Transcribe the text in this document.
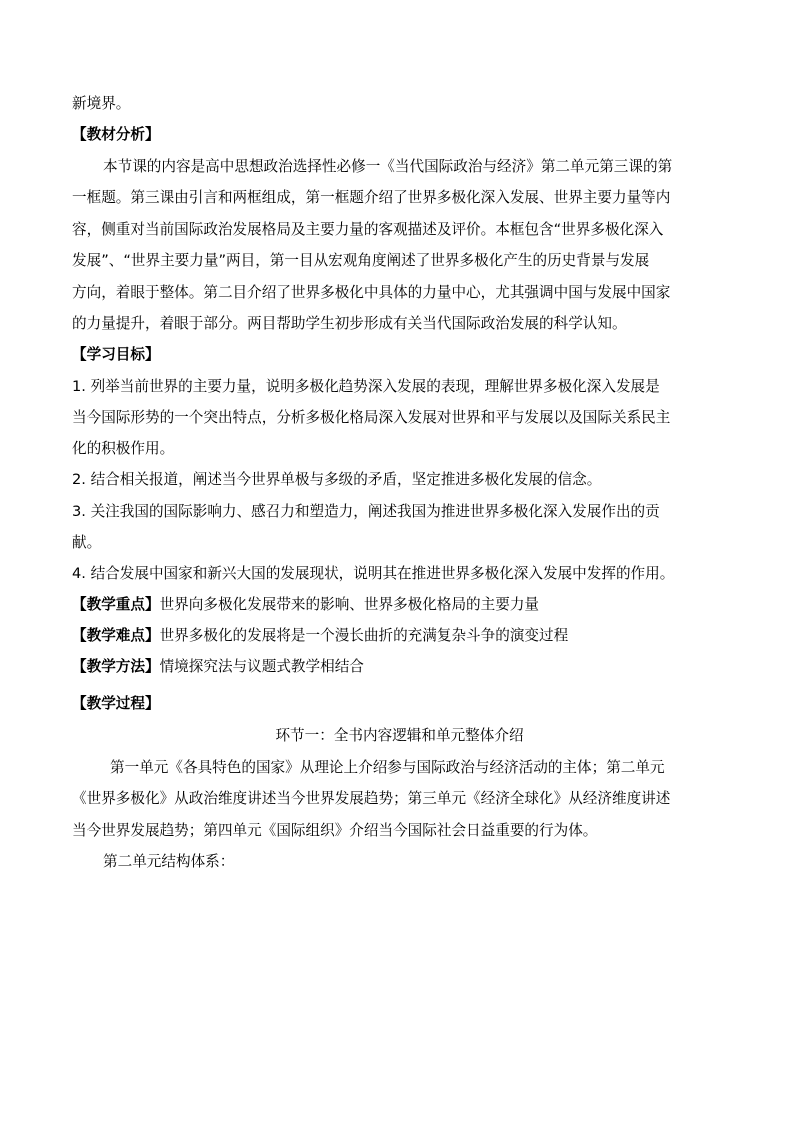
新境界。
【教材分析】
本节课的内容是高中思想政治选择性必修一《当代国际政治与经济》第二单元第三课的第
一框题。第三课由引言和两框组成，第一框题介绍了世界多极化深入发展、世界主要力量等内
容，侧重对当前国际政治发展格局及主要力量的客观描述及评价。本框包含“世界多极化深入
发展”、“世界主要力量”两目，第一目从宏观角度阐述了世界多极化产生的历史背景与发展
方向，着眼于整体。第二目介绍了世界多极化中具体的力量中心，尤其强调中国与发展中国家
的力量提升，着眼于部分。两目帮助学生初步形成有关当代国际政治发展的科学认知。
【学习目标】
1. 列举当前世界的主要力量，说明多极化趋势深入发展的表现，理解世界多极化深入发展是
当今国际形势的一个突出特点，分析多极化格局深入发展对世界和平与发展以及国际关系民主
化的积极作用。
2. 结合相关报道，阐述当今世界单极与多级的矛盾，坚定推进多极化发展的信念。
3. 关注我国的国际影响力、感召力和塑造力，阐述我国为推进世界多极化深入发展作出的贡
献。
4. 结合发展中国家和新兴大国的发展现状，说明其在推进世界多极化深入发展中发挥的作用。
【教学重点】世界向多极化发展带来的影响、世界多极化格局的主要力量
【教学难点】世界多极化的发展将是一个漫长曲折的充满复杂斗争的演变过程
【教学方法】情境探究法与议题式教学相结合
【教学过程】
环节一：全书内容逻辑和单元整体介绍
第一单元《各具特色的国家》从理论上介绍参与国际政治与经济活动的主体；第二单元
《世界多极化》从政治维度讲述当今世界发展趋势；第三单元《经济全球化》从经济维度讲述
当今世界发展趋势；第四单元《国际组织》介绍当今国际社会日益重要的行为体。
第二单元结构体系：
